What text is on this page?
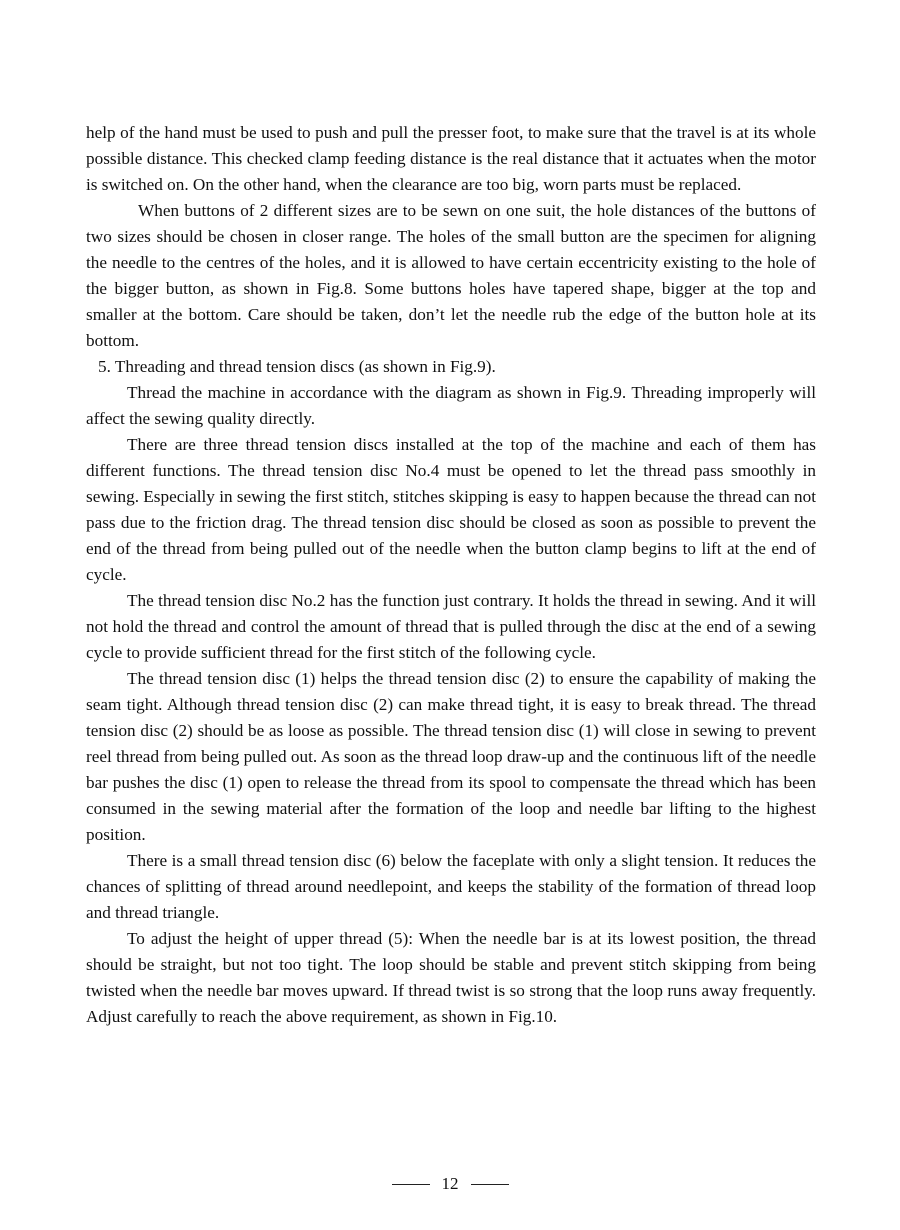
help of the hand must be used to push and pull the presser foot, to make sure that the travel is at its whole possible distance. This checked clamp feeding distance is the real distance that it actuates when the motor is switched on. On the other hand, when the clearance are too big, worn parts must be replaced.

When buttons of 2 different sizes are to be sewn on one suit, the hole distances of the buttons of two sizes should be chosen in closer range. The holes of the small button are the specimen for aligning the needle to the centres of the holes, and it is allowed to have certain eccentricity existing to the hole of the bigger button, as shown in Fig.8. Some buttons holes have tapered shape, bigger at the top and smaller at the bottom. Care should be taken, don’t let the needle rub the edge of the button hole at its bottom.

5. Threading and thread tension discs (as shown in Fig.9).

Thread the machine in accordance with the diagram as shown in Fig.9. Threading improperly will affect the sewing quality directly.

There are three thread tension discs installed at the top of the machine and each of them has different functions. The thread tension disc No.4 must be opened to let the thread pass smoothly in sewing. Especially in sewing the first stitch, stitches skipping is easy to happen because the thread can not pass due to the friction drag. The thread tension disc should be closed as soon as possible to prevent the end of the thread from being pulled out of the needle when the button clamp begins to lift at the end of cycle.

The thread tension disc No.2 has the function just contrary. It holds the thread in sewing. And it will not hold the thread and control the amount of thread that is pulled through the disc at the end of a sewing cycle to provide sufficient thread for the first stitch of the following cycle.

The thread tension disc (1) helps the thread tension disc (2) to ensure the capability of making the seam tight. Although thread tension disc (2) can make thread tight, it is easy to break thread. The thread tension disc (2) should be as loose as possible. The thread tension disc (1) will close in sewing to prevent reel thread from being pulled out. As soon as the thread loop draw-up and the continuous lift of the needle bar pushes the disc (1) open to release the thread from its spool to compensate the thread which has been consumed in the sewing material after the formation of the loop and needle bar lifting to the highest position.

There is a small thread tension disc (6) below the faceplate with only a slight tension. It reduces the chances of splitting of thread around needlepoint, and keeps the stability of the formation of thread loop and thread triangle.

To adjust the height of upper thread (5): When the needle bar is at its lowest position, the thread should be straight, but not too tight. The loop should be stable and prevent stitch skipping from being twisted when the needle bar moves upward. If thread twist is so strong that the loop runs away frequently. Adjust carefully to reach the above requirement, as shown in Fig.10.

12
